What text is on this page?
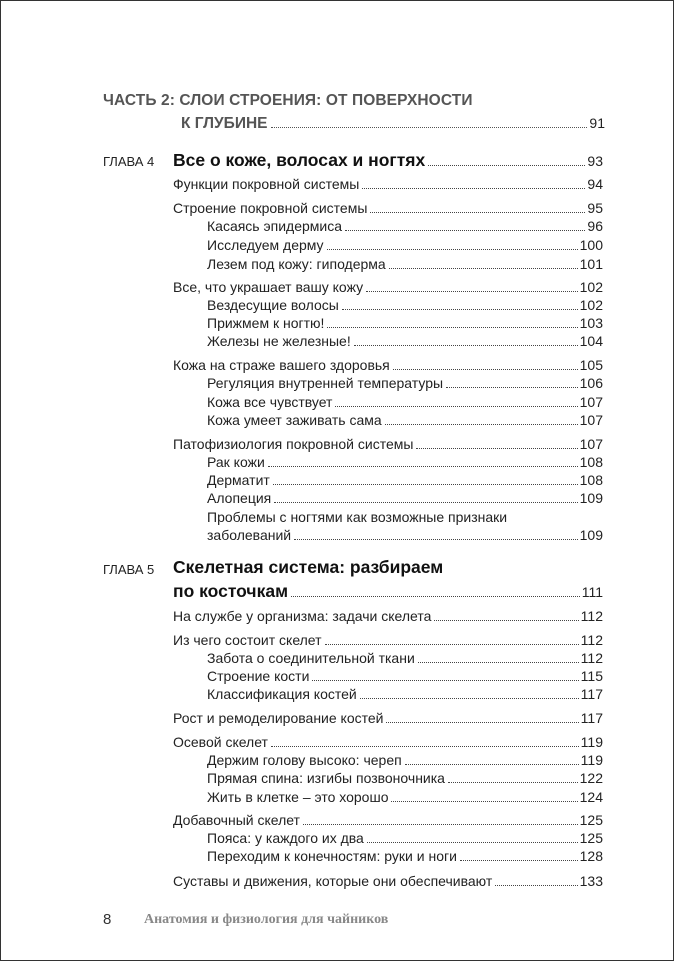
ЧАСТЬ 2: СЛОИ СТРОЕНИЯ: ОТ ПОВЕРХНОСТИ
К ГЛУБИНЕ	91
ГЛАВА 4 Все о коже, волосах и ногтях	93
Функции покровной системы	94
Строение покровной системы	95
Касаясь эпидермиса	96
Исследуем дерму	100
Лезем под кожу: гиподерма	101
Все, что украшает вашу кожу	102
Вездесущие волосы	102
Прижмем к ногтю!	103
Железы не железные!	104
Кожа на страже вашего здоровья	105
Регуляция внутренней температуры	106
Кожа все чувствует	107
Кожа умеет заживать сама	107
Патофизиология покровной системы	107
Рак кожи	108
Дерматит	108
Алопеция	109
Проблемы с ногтями как возможные признаки
заболеваний	109
ГЛАВА 5 Скелетная система: разбираем
по косточкам	111
На службе у организма: задачи скелета	112
Из чего состоит скелет	112
Забота о соединительной ткани	112
Строение кости	115
Классификация костей	117
Рост и ремоделирование костей	117
Осевой скелет	119
Держим голову высоко: череп	119
Прямая спина: изгибы позвоночника	122
Жить в клетке – это хорошо	124
Добавочный скелет	125
Пояса: у каждого их два	125
Переходим к конечностям: руки и ноги	128
Суставы и движения, которые они обеспечивают	133
8 Анатомия и физиология для чайников
